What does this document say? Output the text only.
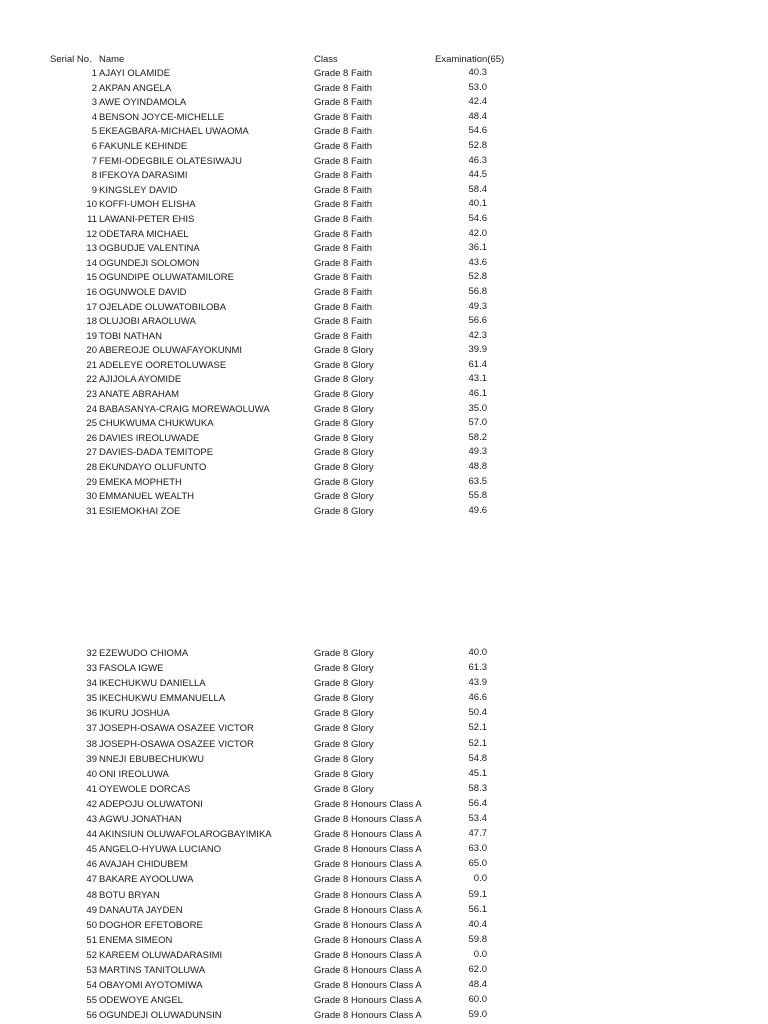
Serial No. Name	Class	Examination(65)
1 AJAYI OLAMIDE	Grade 8 Faith	40.3
2 AKPAN ANGELA	Grade 8 Faith	53.0
3 AWE OYINDAMOLA	Grade 8 Faith	42.4
4 BENSON JOYCE-MICHELLE	Grade 8 Faith	48.4
5 EKEAGBARA-MICHAEL UWAOMA	Grade 8 Faith	54.6
6 FAKUNLE KEHINDE	Grade 8 Faith	52.8
7 FEMI-ODEGBILE OLATESIWAJU	Grade 8 Faith	46.3
8 IFEKOYA DARASIMI	Grade 8 Faith	44.5
9 KINGSLEY DAVID	Grade 8 Faith	58.4
10 KOFFI-UMOH ELISHA	Grade 8 Faith	40.1
11 LAWANI-PETER EHIS	Grade 8 Faith	54.6
12 ODETARA MICHAEL	Grade 8 Faith	42.0
13 OGBUDJE VALENTINA	Grade 8 Faith	36.1
14 OGUNDEJI SOLOMON	Grade 8 Faith	43.6
15 OGUNDIPE OLUWATAMILORE	Grade 8 Faith	52.8
16 OGUNWOLE DAVID	Grade 8 Faith	56.8
17 OJELADE OLUWATOBILOBA	Grade 8 Faith	49.3
18 OLUJOBI ARAOLUWA	Grade 8 Faith	56.6
19 TOBI NATHAN	Grade 8 Faith	42.3
20 ABEREOJE OLUWAFAYOKUNMI	Grade 8 Glory	39.9
21 ADELEYE OORETOLUWASE	Grade 8 Glory	61.4
22 AJIJOLA AYOMIDE	Grade 8 Glory	43.1
23 ANATE ABRAHAM	Grade 8 Glory	46.1
24 BABASANYA-CRAIG MOREWAOLUWA	Grade 8 Glory	35.0
25 CHUKWUMA CHUKWUKA	Grade 8 Glory	57.0
26 DAVIES IREOLUWADE	Grade 8 Glory	58.2
27 DAVIES-DADA TEMITOPE	Grade 8 Glory	49.3
28 EKUNDAYO OLUFUNTO	Grade 8 Glory	48.8
29 EMEKA MOPHETH	Grade 8 Glory	63.5
30 EMMANUEL WEALTH	Grade 8 Glory	55.8
31 ESIEMOKHAI ZOE	Grade 8 Glory	49.6
32 EZEWUDO CHIOMA	Grade 8 Glory	40.0
33 FASOLA IGWE	Grade 8 Glory	61.3
34 IKECHUKWU DANIELLA	Grade 8 Glory	43.9
35 IKECHUKWU EMMANUELLA	Grade 8 Glory	46.6
36 IKURU JOSHUA	Grade 8 Glory	50.4
37 JOSEPH-OSAWA OSAZEE VICTOR	Grade 8 Glory	52.1
38 JOSEPH-OSAWA OSAZEE VICTOR	Grade 8 Glory	52.1
39 NNEJI EBUBECHUKWU	Grade 8 Glory	54.8
40 ONI IREOLUWA	Grade 8 Glory	45.1
41 OYEWOLE DORCAS	Grade 8 Glory	58.3
42 ADEPOJU OLUWATONI	Grade 8 Honours Class A	56.4
43 AGWU JONATHAN	Grade 8 Honours Class A	53.4
44 AKINSIUN OLUWAFOLAROGBAYIMIKA	Grade 8 Honours Class A	47.7
45 ANGELO-HYUWA LUCIANO	Grade 8 Honours Class A	63.0
46 AVAJAH CHIDUBEM	Grade 8 Honours Class A	65.0
47 BAKARE AYOOLUWA	Grade 8 Honours Class A	0.0
48 BOTU BRYAN	Grade 8 Honours Class A	59.1
49 DANAUTA JAYDEN	Grade 8 Honours Class A	56.1
50 DOGHOR EFETOBORE	Grade 8 Honours Class A	40.4
51 ENEMA SIMEON	Grade 8 Honours Class A	59.8
52 KAREEM OLUWADARASIMI	Grade 8 Honours Class A	0.0
53 MARTINS TANITOLUWA	Grade 8 Honours Class A	62.0
54 OBAYOMI AYOTOMIWA	Grade 8 Honours Class A	48.4
55 ODEWOYE ANGEL	Grade 8 Honours Class A	60.0
56 OGUNDEJI OLUWADUNSIN	Grade 8 Honours Class A	59.0
